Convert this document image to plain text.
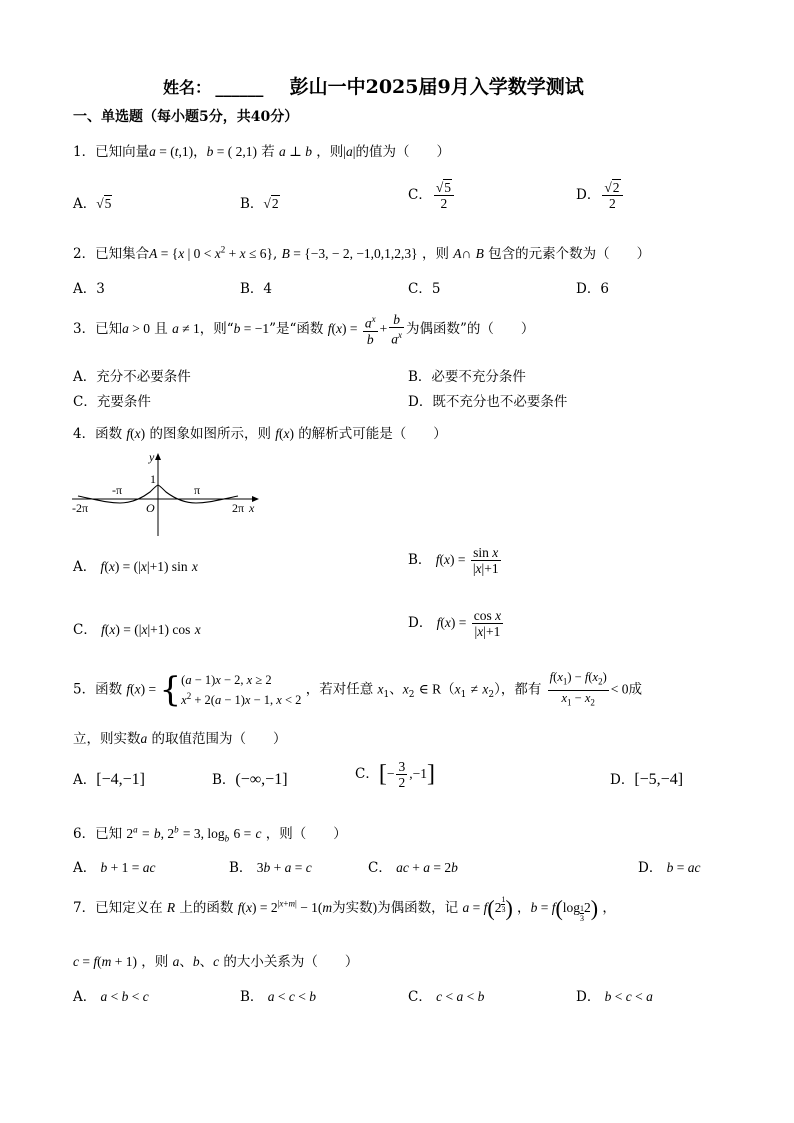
姓名： ______ 彭山一中2025届9月入学数学测试
一、单选题（每小题5分，共40分）
1．已知向量a = (t,1)，b = ( 2,1) 若 a ⊥ b ，则|a|的值为（　　）
A．√5	B．√2
C． $\frac{√5}{2}$	D． $\frac{√2}{2}$
2．已知集合A = {x | $0 < x^2 + x \le 6$}, B = {−3, − 2, −1,0,1,2,3} ，则 A∩ B 包含的元素个数为（　　）
A．3	B．4	C．5	D．6
3．已知a > 0 且 a ≠ 1，则“b = −1”是“函数 $f(x) = \frac{a^x}{b} + \frac{b}{a^x}$ 为偶函数”的（　　）
A．充分不必要条件	B．必要不充分条件
C．充要条件	D．既不充分也不必要条件
4．函数 f(x) 的图象如图所示，则 f(x) 的解析式可能是（　　）
y
x
1
-π	π
-2π	O	2π
A． f(x) = (|x|+1) sin x	B． $f(x) = \frac{\text{sin x}}{|x|+1}$
C． f(x) = (|x|+1) cos x	D． $f(x) = \frac{\text{cos x}}{|x|+1}$
5．函数 f(x) = {(a − 1)x − 2, x ≥ 2
$x^2 + 2(a - 1)x - 1$, x < 2 ，若对任意 $x_1$、$x_2$ ∈ $R(x_1 \ne x_2)$，都有 $\frac{f(x_1) - f(x_2)}{x_1 - x_2} < 0$成
立，则实数a 的取值范围为（　　）
A．[−4,−1]	B．(−∞,−1]	C．[− $\frac{3}{2} ,-1$]	D．[−5,−4]
6．已知 $2^a = b$, $2^b = 3$, $\log_b 6 = c$ ，则（　　）
A． b + 1 = ac	B． 3b + a = c	C． ac + a = 2b	D． b = ac
7．已知定义在 R 上的函数 $f(x) = 2^{|x+m|} - 1(m$为实数)为偶函数，记 a = f(2 $^{\frac{1}{3}}$ ) ，b = f(log $_{\frac{1}{3}}$ 2) ，
c = f(m + 1) ，则 a、b、c 的大小关系为（　　）
A． a < b < c	B． a < c < b	C． c < a < b	D． b < c < a
